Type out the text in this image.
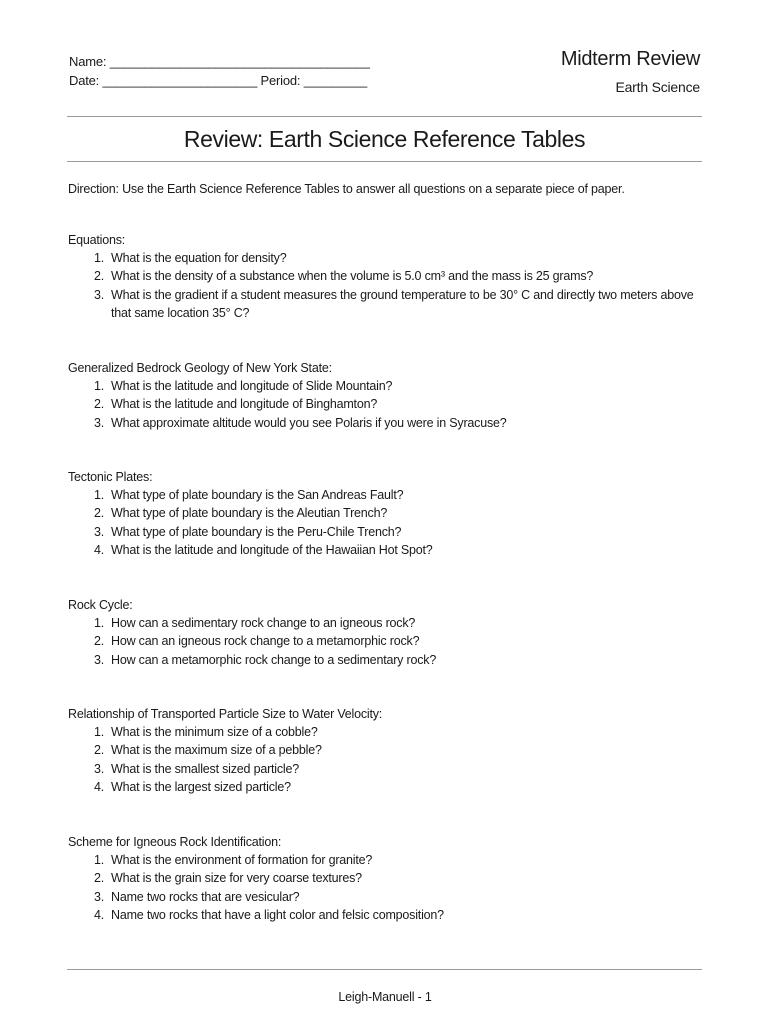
Name: _____________________________________
Date: ______________________ Period: _________
Midterm Review
Earth Science
Review: Earth Science Reference Tables
Direction: Use the Earth Science Reference Tables to answer all questions on a separate piece of paper.
Equations:
1. What is the equation for density?
2. What is the density of a substance when the volume is 5.0 cm³ and the mass is 25 grams?
3. What is the gradient if a student measures the ground temperature to be 30° C and directly two meters above that same location 35° C?
Generalized Bedrock Geology of New York State:
1. What is the latitude and longitude of Slide Mountain?
2. What is the latitude and longitude of Binghamton?
3. What approximate altitude would you see Polaris if you were in Syracuse?
Tectonic Plates:
1. What type of plate boundary is the San Andreas Fault?
2. What type of plate boundary is the Aleutian Trench?
3. What type of plate boundary is the Peru-Chile Trench?
4. What is the latitude and longitude of the Hawaiian Hot Spot?
Rock Cycle:
1. How can a sedimentary rock change to an igneous rock?
2. How can an igneous rock change to a metamorphic rock?
3. How can a metamorphic rock change to a sedimentary rock?
Relationship of Transported Particle Size to Water Velocity:
1. What is the minimum size of a cobble?
2. What is the maximum size of a pebble?
3. What is the smallest sized particle?
4. What is the largest sized particle?
Scheme for Igneous Rock Identification:
1. What is the environment of formation for granite?
2. What is the grain size for very coarse textures?
3. Name two rocks that are vesicular?
4. Name two rocks that have a light color and felsic composition?
Leigh-Manuell - 1
